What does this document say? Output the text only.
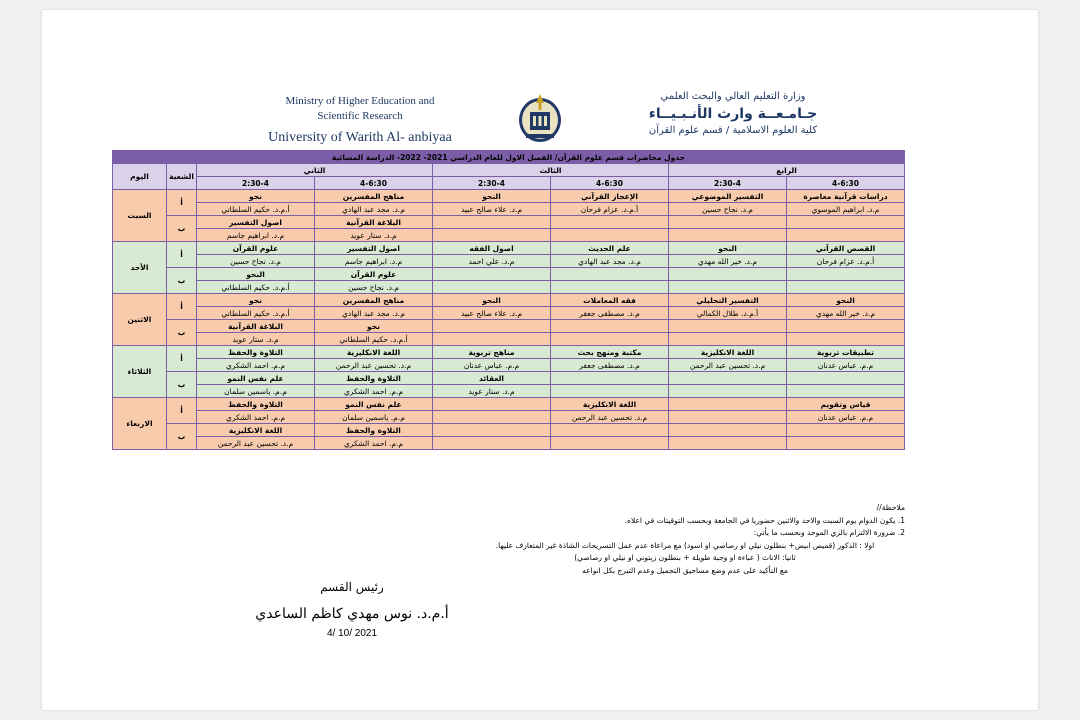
Ministry of Higher Education and
Scientific Research
University of Warith Al- anbiyaa
وزارة التعليم العالي والبحث العلمي
جـامـعــة وارث الأنـبـيــاء
كلية العلوم الاسلامية / قسم علوم القرآن
جدول محاضرات قسم علوم القرآن/ الفصل الاول للعام الدراسي 2021- 2022- الدراسة المسائية							
الرابع		الثالث		الثاني		الشعبة	اليوم
4-6:30	2:30-4	4-6:30	2:30-4	4-6:30	2:30-4		
دراسات قرآنية معاصرة	التفسير الموضوعي	الإعجاز القرآني	النحو	مناهج المفسرين	نحو	أ	السبت
م.د. ابراهيم الموسوي	م.د. نجاح حسين	أ.م.د. عزام فرحان	م.د. علاء صالح عبيد	م.د. مجد عبد الهادي	أ.م.د. حكيم السلطاني		
				البلاغة القرآنية	اصول التفسير	ب	
				م.د. ستار عويد	م.د. ابراهيم جاسم		
القصص القرآني	النحو	علم الحديث	اصول الفقه	اصول التفسير	علوم القرآن	أ	الأحد
أ.م.د. عزام فرحان	م.د. خير الله مهدي	م.د. مجد عبد الهادي	م.د. علي احمد	م.د. ابراهيم جاسم	م.د. نجاح حسين		
				علوم القرآن	النحو	ب	
				م.د. نجاح حسين	أ.م.د. حكيم السلطاني		
النحو	التفسير التحليلي	فقه المعاملات	النحو	مناهج المفسرين	نحو	أ	الاثنين
م.د. خير الله مهدي	أ.م.د. طلال الكمالي	م.د. مصطفى جعفر	م.د. علاء صالح عبيد	م.د. مجد عبد الهادي	أ.م.د. حكيم السلطاني		
				نحو	البلاغة القرآنية	ب	
				أ.م.د. حكيم السلطاني	م.د. ستار عويد		
تطبيقات تربوية	اللغة الانكليزية	مكتبة ومنهج بحث	مناهج تربوية	اللغة الانكليزية	التلاوة والحفظ	أ	الثلاثاء
م.م. عباس عدنان	م.د. تحسين عبد الرحمن	م.د. مصطفى جعفر	م.م. عباس عدنان	م.د. تحسين عبد الرحمن	م.م. احمد الشكري		
			العقائد	التلاوة والحفظ	علم نفس النمو	ب	
			م.د. ستار عويد	م.م. احمد الشكري	م.م. ياسمين سلمان		
قياس وتقويم		اللغة الانكليزية		علم نفس النمو	التلاوة والحفظ	أ	الاربعاء
م.م. عباس عدنان		م.د. تحسين عبد الرحمن		م.م. ياسمين سلمان	م.م. احمد الشكري		
				التلاوة والحفظ	اللغة الانكليزية	ب	
				م.م. احمد الشكري	م.د. تحسين عبد الرحمن		
ملاحظة//
1. يكون الدوام يوم السبت والاحد والاثنين حضوريا في الجامعة وبحسب التوقيتات في اعلاه.
2. ضرورة الالتزام بالزي الموحد وبحسب ما يأتي:
اولا : الذكور (قميص ابيض+ بنطلون نيلي او رصاصي او اسود) مع مراعاة عدم عمل التسريحات الشاذة غير المتعارف عليها.
ثانيا: الاناث ( عباءة او وجبة طويلة + بنطلون زيتوني او نيلي او رصاصي)
مع التأكيد على عدم وضع مساحيق التجميل وعدم التبرج بكل انواعه
رئيس القسم
أ.م.د. نوس مهدي كاظم الساعدي
4/ 10/ 2021
